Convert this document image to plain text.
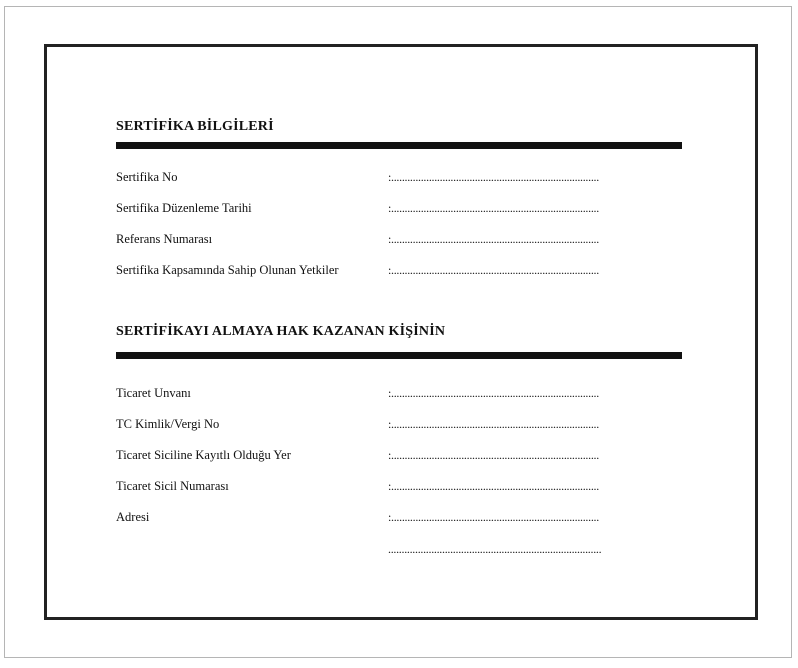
SERTİFİKA BİLGİLERİ
Sertifika No	:.............................................................................
Sertifika Düzenleme Tarihi	:.............................................................................
Referans Numarası	:.............................................................................
Sertifika Kapsamında Sahip Olunan Yetkiler	:.............................................................................
SERTİFİKAYI ALMAYA HAK KAZANAN KİŞİNİN
Ticaret Unvanı	:.............................................................................
TC Kimlik/Vergi No	:.............................................................................
Ticaret Siciline Kayıtlı Olduğu Yer	:.............................................................................
Ticaret Sicil Numarası	:.............................................................................
Adresi	:.............................................................................
...............................................................................
